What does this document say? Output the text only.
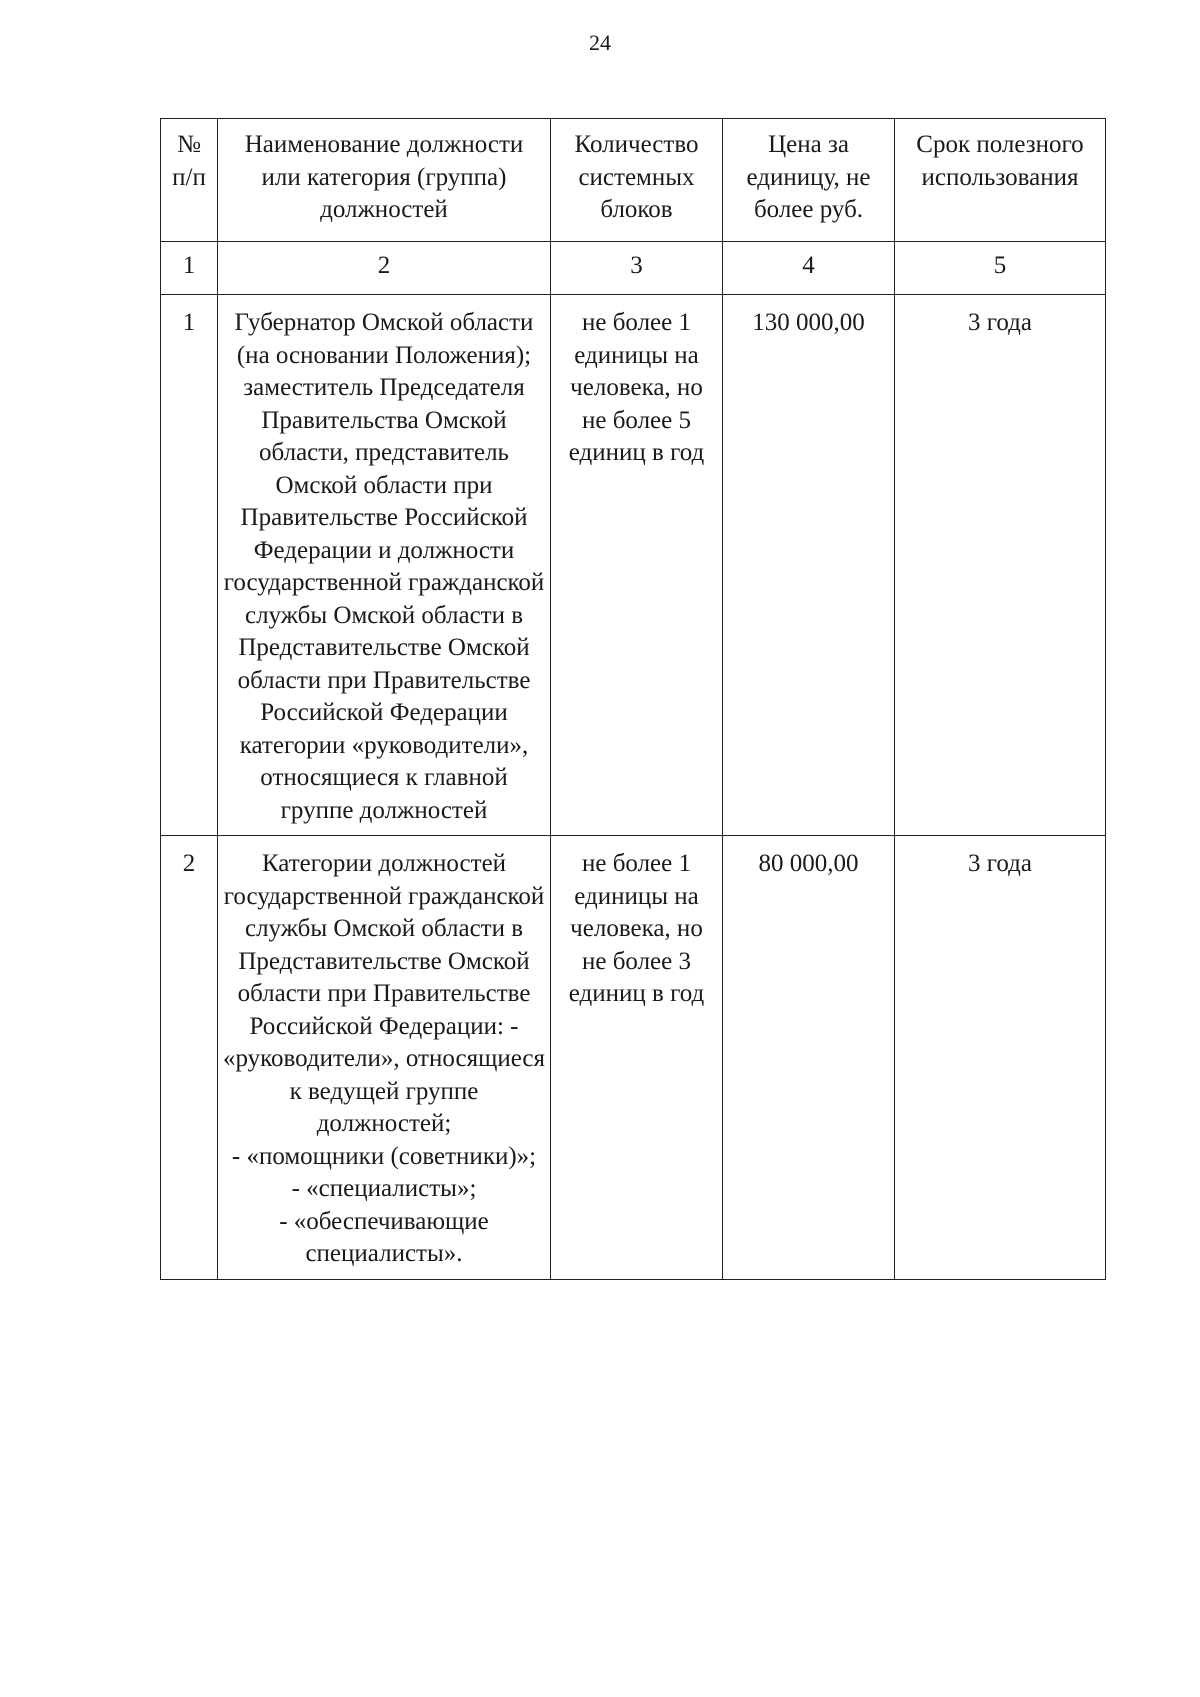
24
№ п/п	Наименование должности или категория (группа) должностей	Количество системных блоков	Цена за единицу, не более руб.	Срок полезного использования
1	2	3	4	5
1	Губернатор Омской области (на основании Положения); заместитель Председателя Правительства Омской области, представитель Омской области при Правительстве Российской Федерации и должности государственной гражданской службы Омской области в Представительстве Омской области при Правительстве Российской Федерации категории «руководители», относящиеся к главной группе должностей	не более 1 единицы на человека, но не более 5 единиц в год	130 000,00	3 года
2	Категории должностей государственной гражданской службы Омской области в Представительстве Омской области при Правительстве Российской Федерации: - «руководители», относящиеся к ведущей группе должностей;
- «помощники (советники)»;
- «специалисты»;
- «обеспечивающие специалисты».	не более 1 единицы на человека, но не более 3 единиц в год	80 000,00	3 года
